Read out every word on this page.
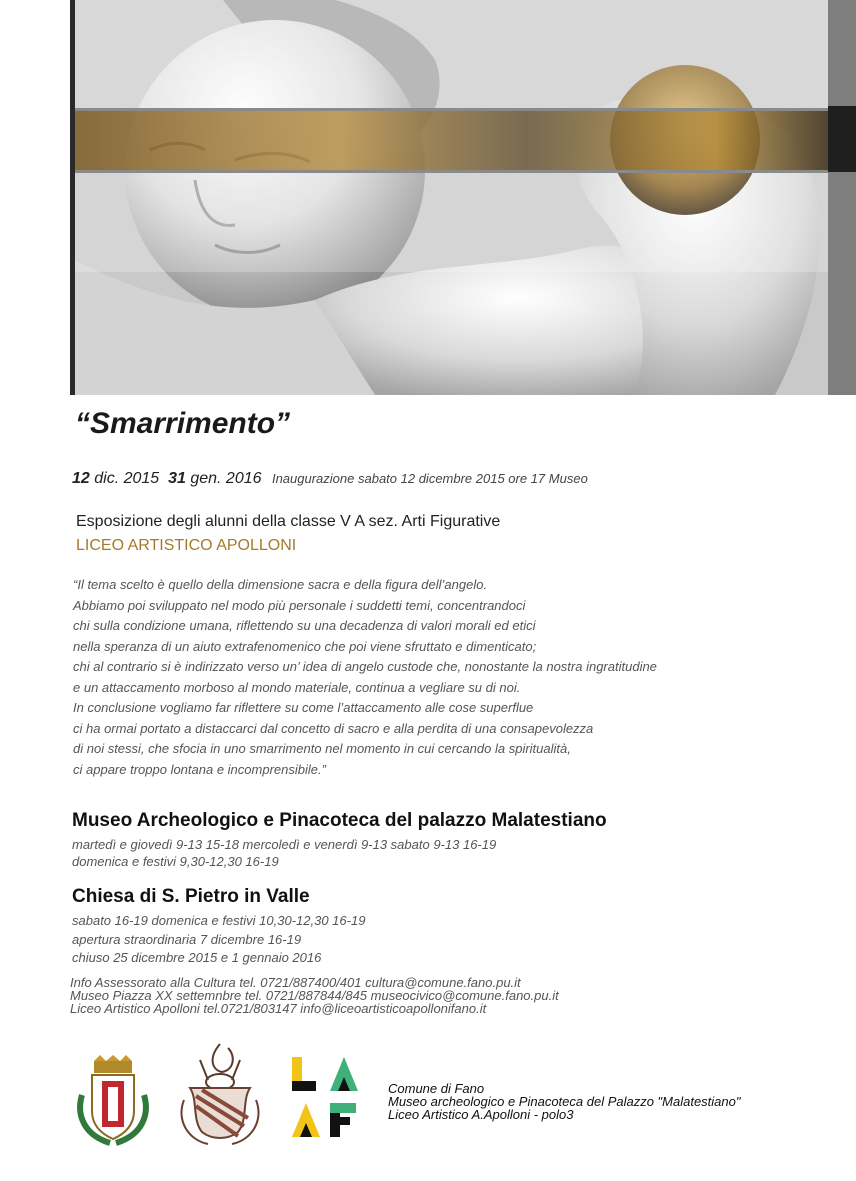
“Smarrimento”
12 dic. 2015 31 gen. 2016 Inaugurazione sabato 12 dicembre 2015 ore 17 Museo
Esposizione degli alunni della classe V A sez. Arti Figurative
LICEO ARTISTICO APOLLONI
“Il tema scelto è quello della dimensione sacra e della figura dell’angelo.
Abbiamo poi sviluppato nel modo più personale i suddetti temi, concentrandoci
chi sulla condizione umana, riflettendo su una decadenza di valori morali ed etici
nella speranza di un aiuto extrafenomenico che poi viene sfruttato e dimenticato;
chi al contrario si è indirizzato verso un’ idea di angelo custode che, nonostante la nostra ingratitudine
e un attaccamento morboso al mondo materiale, continua a vegliare su di noi.
In conclusione vogliamo far riflettere su come l’attaccamento alle cose superflue
ci ha ormai portato a distaccarci dal concetto di sacro e alla perdita di una consapevolezza
di noi stessi, che sfocia in uno smarrimento nel momento in cui cercando la spiritualità,
ci appare troppo lontana e incomprensibile.”
Museo Archeologico e Pinacoteca del palazzo Malatestiano
martedì e giovedì 9-13 15-18 mercoledì e venerdì 9-13 sabato 9-13 16-19
domenica e festivi 9,30-12,30 16-19
Chiesa di S. Pietro in Valle
sabato 16-19 domenica e festivi 10,30-12,30 16-19
apertura straordinaria 7 dicembre 16-19
chiuso 25 dicembre 2015 e 1 gennaio 2016
Info Assessorato alla Cultura tel. 0721/887400/401 cultura@comune.fano.pu.it
Museo Piazza XX settemnbre tel. 0721/887844/845 museocivico@comune.fano.pu.it
Liceo Artistico Apolloni tel.0721/803147 info@liceoartisticoapollonifano.it
Comune di Fano
Museo archeologico e Pinacoteca del Palazzo "Malatestiano"
Liceo Artistico A.Apolloni - polo3
